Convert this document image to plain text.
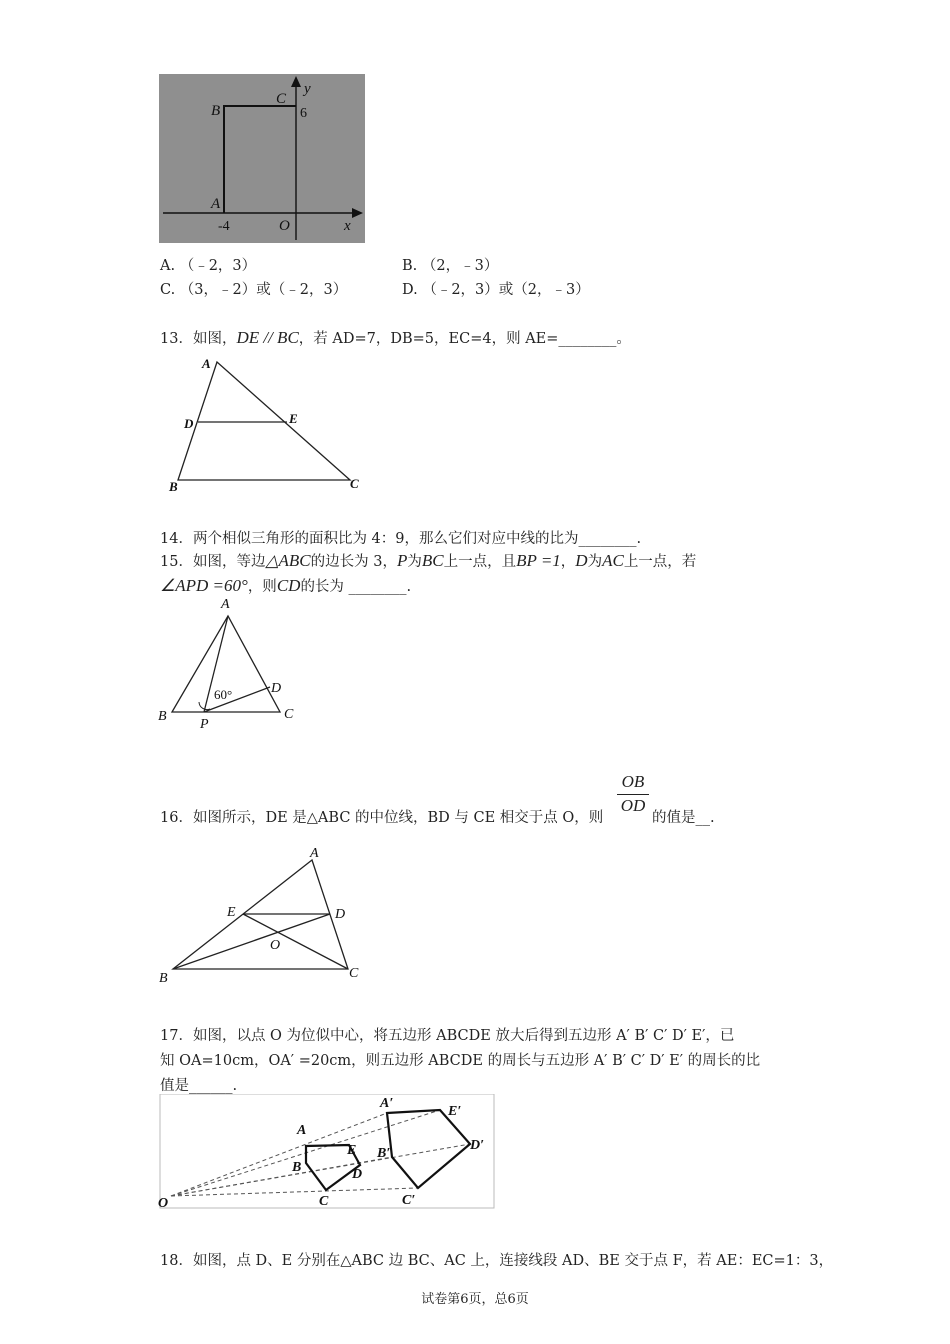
B
C
y
6
A
-4	O	x
A. （﹣2，3）	B. （2，﹣3）
C. （3，﹣2）或（﹣2，3）	D. （﹣2，3）或（2，﹣3）
13．如图，DE // BC，若 AD=7，DB=5，EC=4，则 AE=________。
A
D	E
B	C
14．两个相似三角形的面积比为 4：9，那么它们对应中线的比为________.
15．如图，等边△ABC的边长为 3，P为BC上一点，且BP =1，D为AC上一点，若
∠APD =60°，则CD的长为 ________.
A
B	C
D
P
60°
$\frac{OB}{OD}$
16．如图所示，DE 是△ABC 的中位线，BD 与 CE 相交于点 O，则	的值是__.
A
E	D
O
B	C
17．如图，以点 O 为位似中心，将五边形 ABCDE 放大后得到五边形 A′ B′ C′ D′ E′，已
知 OA=10cm，OA′ =20cm，则五边形 ABCDE 的周长与五边形 A′ B′ C′ D′ E′ 的周长的比
值是______.
A
B
C
D
E
O
A′
B′
C′
D′
E′
18．如图，点 D、E 分别在△ABC 边 BC、AC 上，连接线段 AD、BE 交于点 F，若 AE：EC=1：3，
试卷第6页，总6页
